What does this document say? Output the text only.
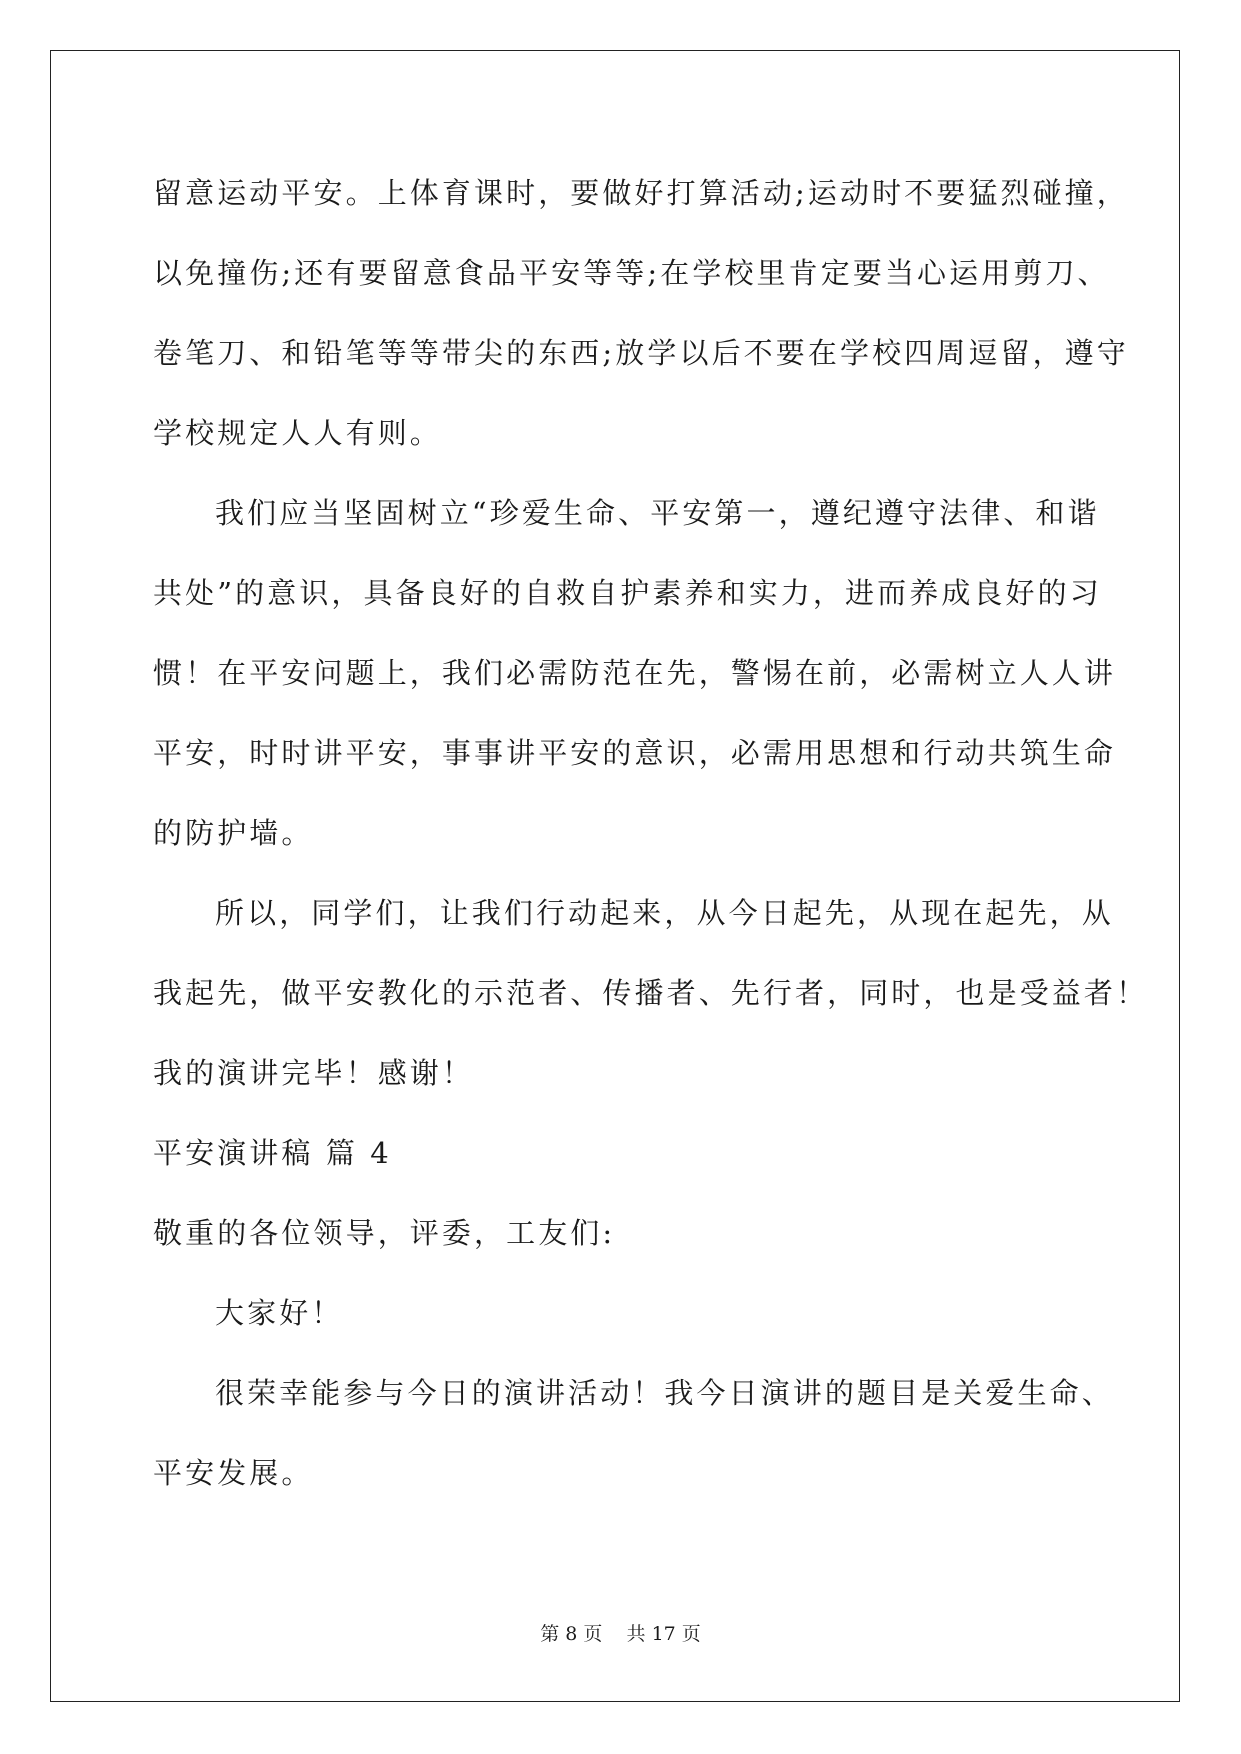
留意运动平安。上体育课时，要做好打算活动;运动时不要猛烈碰撞，
以免撞伤;还有要留意食品平安等等;在学校里肯定要当心运用剪刀、
卷笔刀、和铅笔等等带尖的东西;放学以后不要在学校四周逗留，遵守
学校规定人人有则。
我们应当坚固树立“珍爱生命、平安第一，遵纪遵守法律、和谐
共处”的意识，具备良好的自救自护素养和实力，进而养成良好的习
惯！在平安问题上，我们必需防范在先，警惕在前，必需树立人人讲
平安，时时讲平安，事事讲平安的意识，必需用思想和行动共筑生命
的防护墙。
所以，同学们，让我们行动起来，从今日起先，从现在起先，从
我起先，做平安教化的示范者、传播者、先行者，同时，也是受益者！
我的演讲完毕！感谢！
平安演讲稿 篇 4
敬重的各位领导，评委，工友们:
大家好！
很荣幸能参与今日的演讲活动！我今日演讲的题目是关爱生命、
平安发展。
第 8 页    共 17 页
